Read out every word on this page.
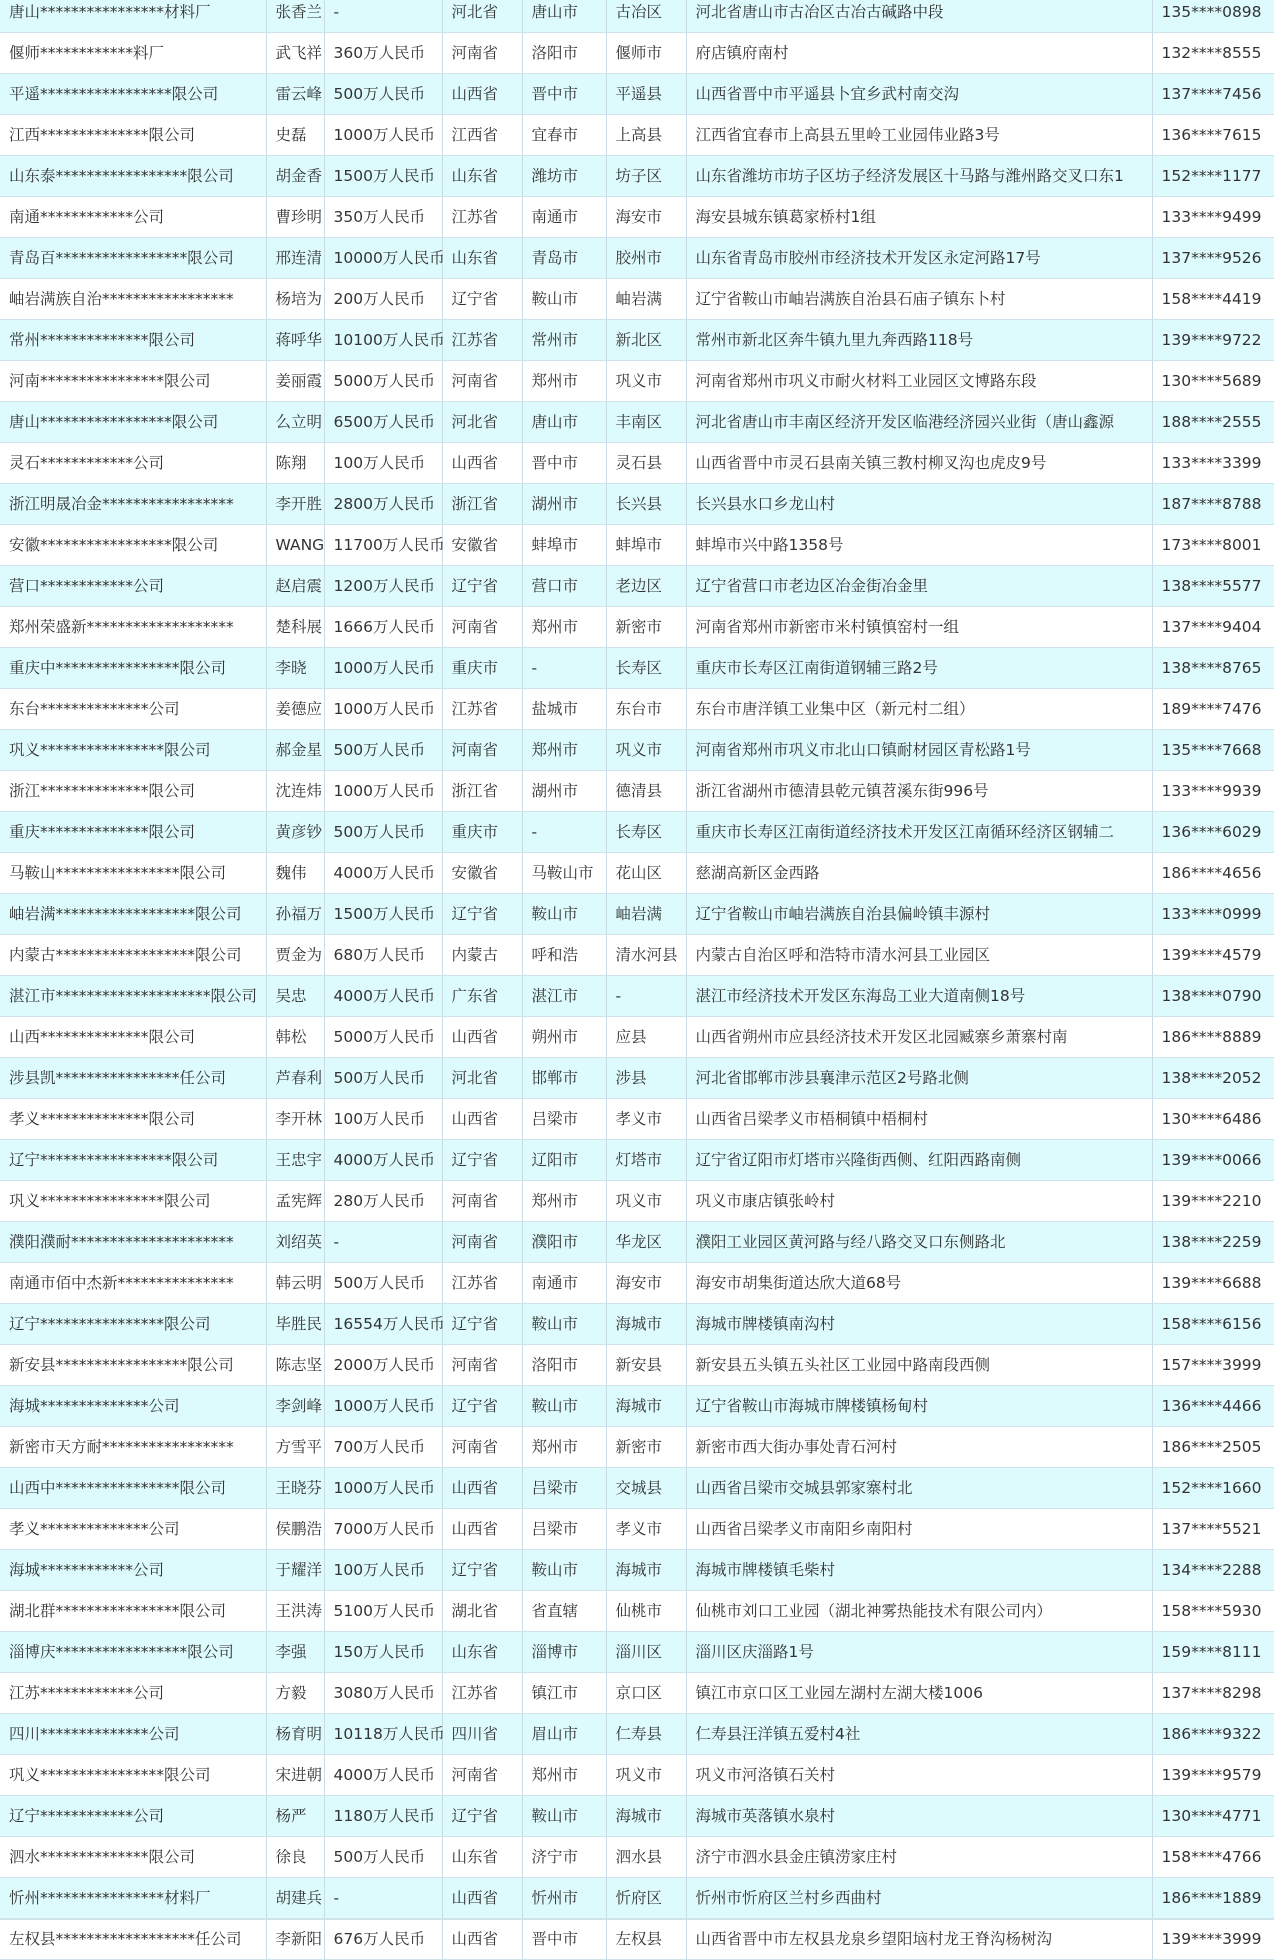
唐山****************材料厂	张香兰	-	河北省	唐山市	古冶区	河北省唐山市古冶区古冶古碱路中段	135****0898
偃师************料厂	武飞祥	360万人民币	河南省	洛阳市	偃师市	府店镇府南村	132****8555
平遥*****************限公司	雷云峰	500万人民币	山西省	晋中市	平遥县	山西省晋中市平遥县卜宜乡武村南交沟	137****7456
江西**************限公司	史磊	1000万人民币	江西省	宜春市	上高县	江西省宜春市上高县五里岭工业园伟业路3号	136****7615
山东泰*****************限公司	胡金香	1500万人民币	山东省	潍坊市	坊子区	山东省潍坊市坊子区坊子经济发展区十马路与潍州路交叉口东1	152****1177
南通************公司	曹珍明	350万人民币	江苏省	南通市	海安市	海安县城东镇葛家桥村1组	133****9499
青岛百*****************限公司	邢连清	10000万人民币	山东省	青岛市	胶州市	山东省青岛市胶州市经济技术开发区永定河路17号	137****9526
岫岩满族自治*****************	杨培为	200万人民币	辽宁省	鞍山市	岫岩满	辽宁省鞍山市岫岩满族自治县石庙子镇东卜村	158****4419
常州**************限公司	蒋呼华	10100万人民币	江苏省	常州市	新北区	常州市新北区奔牛镇九里九奔西路118号	139****9722
河南****************限公司	姜丽霞	5000万人民币	河南省	郑州市	巩义市	河南省郑州市巩义市耐火材料工业园区文博路东段	130****5689
唐山*****************限公司	么立明	6500万人民币	河北省	唐山市	丰南区	河北省唐山市丰南区经济开发区临港经济园兴业街（唐山鑫源	188****2555
灵石************公司	陈翔	100万人民币	山西省	晋中市	灵石县	山西省晋中市灵石县南关镇三教村柳叉沟也虎皮9号	133****3399
浙江明晟冶金*****************	李开胜	2800万人民币	浙江省	湖州市	长兴县	长兴县水口乡龙山村	187****8788
安徽*****************限公司	WANG	11700万人民币	安徽省	蚌埠市	蚌埠市	蚌埠市兴中路1358号	173****8001
营口************公司	赵启震	1200万人民币	辽宁省	营口市	老边区	辽宁省营口市老边区冶金街冶金里	138****5577
郑州荣盛新*******************	楚科展	1666万人民币	河南省	郑州市	新密市	河南省郑州市新密市米村镇慎窑村一组	137****9404
重庆中****************限公司	李晓	1000万人民币	重庆市	-	长寿区	重庆市长寿区江南街道钢辅三路2号	138****8765
东台**************公司	姜德应	1000万人民币	江苏省	盐城市	东台市	东台市唐洋镇工业集中区（新元村二组）	189****7476
巩义****************限公司	郝金星	500万人民币	河南省	郑州市	巩义市	河南省郑州市巩义市北山口镇耐材园区青松路1号	135****7668
浙江**************限公司	沈连炜	1000万人民币	浙江省	湖州市	德清县	浙江省湖州市德清县乾元镇苕溪东街996号	133****9939
重庆**************限公司	黄彦钞	500万人民币	重庆市	-	长寿区	重庆市长寿区江南街道经济技术开发区江南循环经济区钢辅二	136****6029
马鞍山****************限公司	魏伟	4000万人民币	安徽省	马鞍山市	花山区	慈湖高新区金西路	186****4656
岫岩满******************限公司	孙福万	1500万人民币	辽宁省	鞍山市	岫岩满	辽宁省鞍山市岫岩满族自治县偏岭镇丰源村	133****0999
内蒙古******************限公司	贾金为	680万人民币	内蒙古	呼和浩	清水河县	内蒙古自治区呼和浩特市清水河县工业园区	139****4579
湛江市********************限公司	吴忠	4000万人民币	广东省	湛江市	-	湛江市经济技术开发区东海岛工业大道南侧18号	138****0790
山西**************限公司	韩松	5000万人民币	山西省	朔州市	应县	山西省朔州市应县经济技术开发区北园臧寨乡萧寨村南	186****8889
涉县凯****************任公司	芦春利	500万人民币	河北省	邯郸市	涉县	河北省邯郸市涉县襄津示范区2号路北侧	138****2052
孝义**************限公司	李开林	100万人民币	山西省	吕梁市	孝义市	山西省吕梁孝义市梧桐镇中梧桐村	130****6486
辽宁*****************限公司	王忠宇	4000万人民币	辽宁省	辽阳市	灯塔市	辽宁省辽阳市灯塔市兴隆街西侧、红阳西路南侧	139****0066
巩义****************限公司	孟宪辉	280万人民币	河南省	郑州市	巩义市	巩义市康店镇张岭村	139****2210
濮阳濮耐*********************	刘绍英	-	河南省	濮阳市	华龙区	濮阳工业园区黄河路与经八路交叉口东侧路北	138****2259
南通市佰中杰新***************	韩云明	500万人民币	江苏省	南通市	海安市	海安市胡集街道达欣大道68号	139****6688
辽宁****************限公司	毕胜民	16554万人民币	辽宁省	鞍山市	海城市	海城市牌楼镇南沟村	158****6156
新安县*****************限公司	陈志坚	2000万人民币	河南省	洛阳市	新安县	新安县五头镇五头社区工业园中路南段西侧	157****3999
海城**************公司	李剑峰	1000万人民币	辽宁省	鞍山市	海城市	辽宁省鞍山市海城市牌楼镇杨甸村	136****4466
新密市天方耐*****************	方雪平	700万人民币	河南省	郑州市	新密市	新密市西大街办事处青石河村	186****2505
山西中****************限公司	王晓芬	1000万人民币	山西省	吕梁市	交城县	山西省吕梁市交城县郭家寨村北	152****1660
孝义**************公司	侯鹏浩	7000万人民币	山西省	吕梁市	孝义市	山西省吕梁孝义市南阳乡南阳村	137****5521
海城************公司	于耀洋	100万人民币	辽宁省	鞍山市	海城市	海城市牌楼镇毛柴村	134****2288
湖北群****************限公司	王洪涛	5100万人民币	湖北省	省直辖	仙桃市	仙桃市刘口工业园（湖北神雾热能技术有限公司内）	158****5930
淄博庆*****************限公司	李强	150万人民币	山东省	淄博市	淄川区	淄川区庆淄路1号	159****8111
江苏************公司	方毅	3080万人民币	江苏省	镇江市	京口区	镇江市京口区工业园左湖村左湖大楼1006	137****8298
四川**************公司	杨育明	10118万人民币	四川省	眉山市	仁寿县	仁寿县汪洋镇五爱村4社	186****9322
巩义****************限公司	宋进朝	4000万人民币	河南省	郑州市	巩义市	巩义市河洛镇石关村	139****9579
辽宁************公司	杨严	1180万人民币	辽宁省	鞍山市	海城市	海城市英落镇水泉村	130****4771
泗水**************限公司	徐良	500万人民币	山东省	济宁市	泗水县	济宁市泗水县金庄镇涝家庄村	158****4766
忻州****************材料厂	胡建兵	-	山西省	忻州市	忻府区	忻州市忻府区兰村乡西曲村	186****1889
左权县******************任公司	李新阳	676万人民币	山西省	晋中市	左权县	山西省晋中市左权县龙泉乡望阳垴村龙王脊沟杨树沟	139****3999
